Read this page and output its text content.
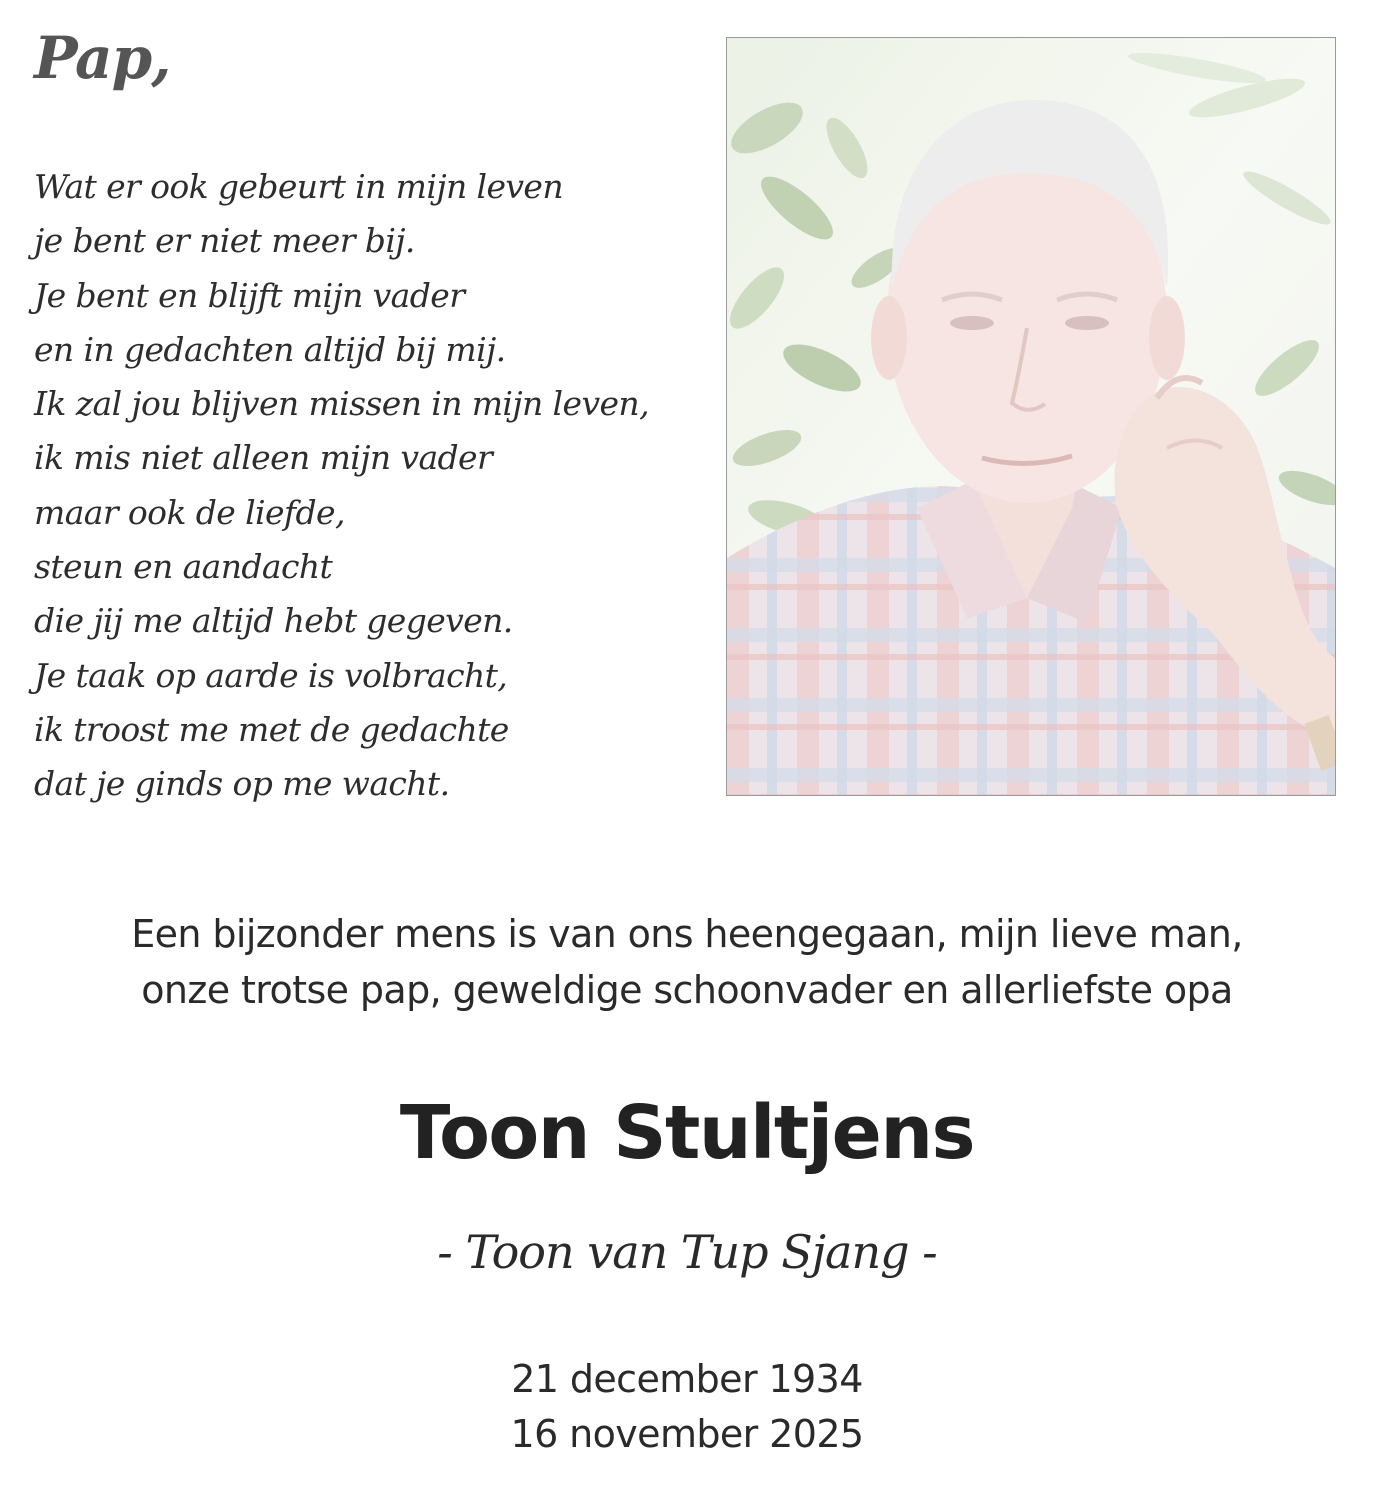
Pap,
Wat er ook gebeurt in mijn leven
je bent er niet meer bij.
Je bent en blijft mijn vader
en in gedachten altijd bij mij.
Ik zal jou blijven missen in mijn leven,
ik mis niet alleen mijn vader
maar ook de liefde,
steun en aandacht
die jij me altijd hebt gegeven.
Je taak op aarde is volbracht,
ik troost me met de gedachte
dat je ginds op me wacht.

Een bijzonder mens is van ons heengegaan, mijn lieve man,
onze trotse pap, geweldige schoonvader en allerliefste opa

Toon Stultjens

- Toon van Tup Sjang -

21 december 1934
16 november 2025
